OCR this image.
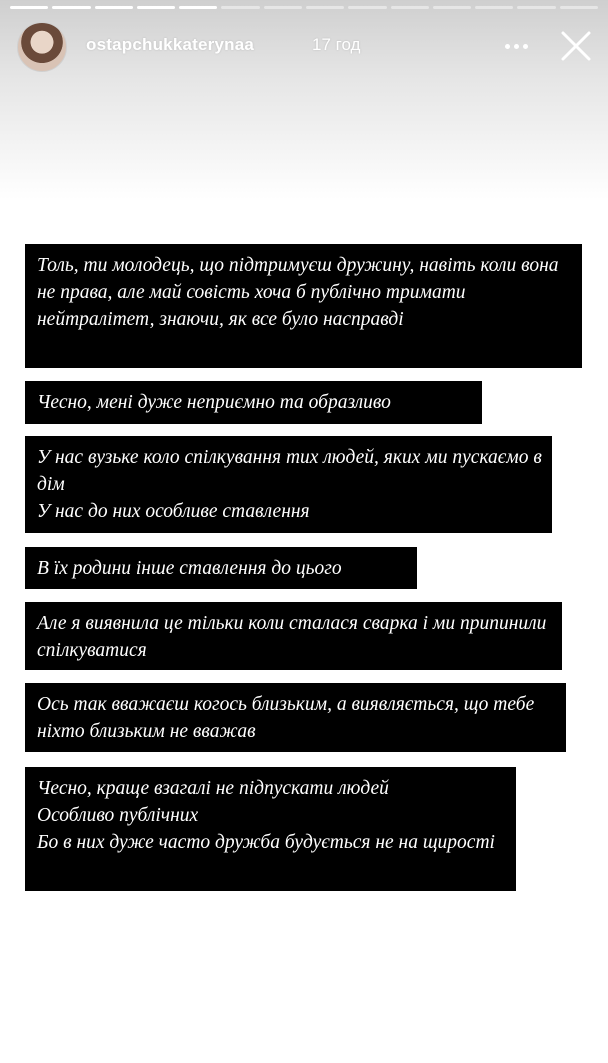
ostapchukkaterynaa	17 год
Толь, ти молодець, що підтримуєш дружину, навіть коли вона не права, але май совість хоча б публічно тримати нейтралітет, знаючи, як все було насправді
Чесно, мені дуже неприємно та образливо
У нас вузьке коло спілкування тих людей, яких ми пускаємо в дім
У нас до них особливе ставлення
В їх родини інше ставлення до цього
Але я виявнила це тільки коли сталася сварка і ми припинили спілкуватися
Ось так вважаєш когось близьким, а виявляється, що тебе ніхто близьким не вважав
Чесно, краще взагалі не підпускати людей
Особливо публічних
Бо в них дуже часто дружба будується не на щирості
